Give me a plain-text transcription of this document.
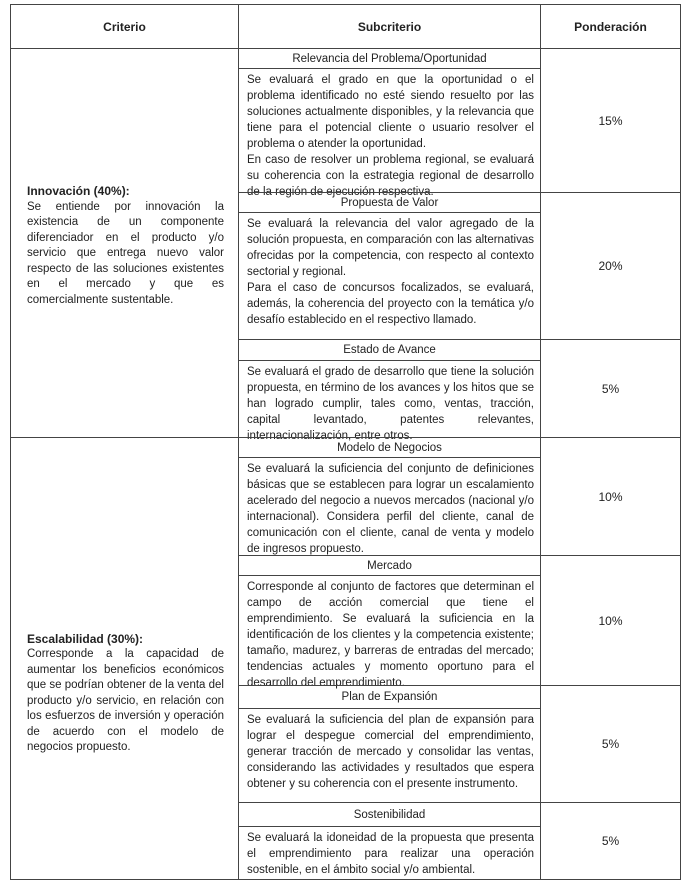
Criterio	Subcriterio	Ponderación
Innovación (40%):
Se entiende por innovación la existencia de un componente diferenciador en el producto y/o servicio que entrega nuevo valor respecto de las soluciones existentes en el mercado y que es comercialmente sustentable.
Relevancia del Problema/Oportunidad

Se evaluará el grado en que la oportunidad o el problema identificado no esté siendo resuelto por las soluciones actualmente disponibles, y la relevancia que tiene para el potencial cliente o usuario resolver el problema o atender la oportunidad.

En caso de resolver un problema regional, se evaluará su coherencia con la estrategia regional de desarrollo de la región de ejecución respectiva.

15%
Propuesta de Valor

Se evaluará la relevancia del valor agregado de la solución propuesta, en comparación con las alternativas ofrecidas por la competencia, con respecto al contexto sectorial y regional.

Para el caso de concursos focalizados, se evaluará, además, la coherencia del proyecto con la temática y/o desafío establecido en el respectivo llamado.

20%
Estado de Avance

Se evaluará el grado de desarrollo que tiene la solución propuesta, en término de los avances y los hitos que se han logrado cumplir, tales como, ventas, tracción, capital levantado, patentes relevantes, internacionalización, entre otros.

5%
Escalabilidad (30%):
Corresponde a la capacidad de aumentar los beneficios económicos que se podrían obtener de la venta del producto y/o servicio, en relación con los esfuerzos de inversión y operación de acuerdo con el modelo de negocios propuesto.
Modelo de Negocios

Se evaluará la suficiencia del conjunto de definiciones básicas que se establecen para lograr un escalamiento acelerado del negocio a nuevos mercados (nacional y/o internacional). Considera perfil del cliente, canal de comunicación con el cliente, canal de venta y modelo de ingresos propuesto.

10%
Mercado

Corresponde al conjunto de factores que determinan el campo de acción comercial que tiene el emprendimiento. Se evaluará la suficiencia en la identificación de los clientes y la competencia existente; tamaño, madurez, y barreras de entradas del mercado; tendencias actuales y momento oportuno para el desarrollo del emprendimiento.

10%
Plan de Expansión

Se evaluará la suficiencia del plan de expansión para lograr el despegue comercial del emprendimiento, generar tracción de mercado y consolidar las ventas, considerando las actividades y resultados que espera obtener y su coherencia con el presente instrumento.

5%
Sostenibilidad

Se evaluará la idoneidad de la propuesta que presenta el emprendimiento para realizar una operación sostenible, en el ámbito social y/o ambiental.

5%
